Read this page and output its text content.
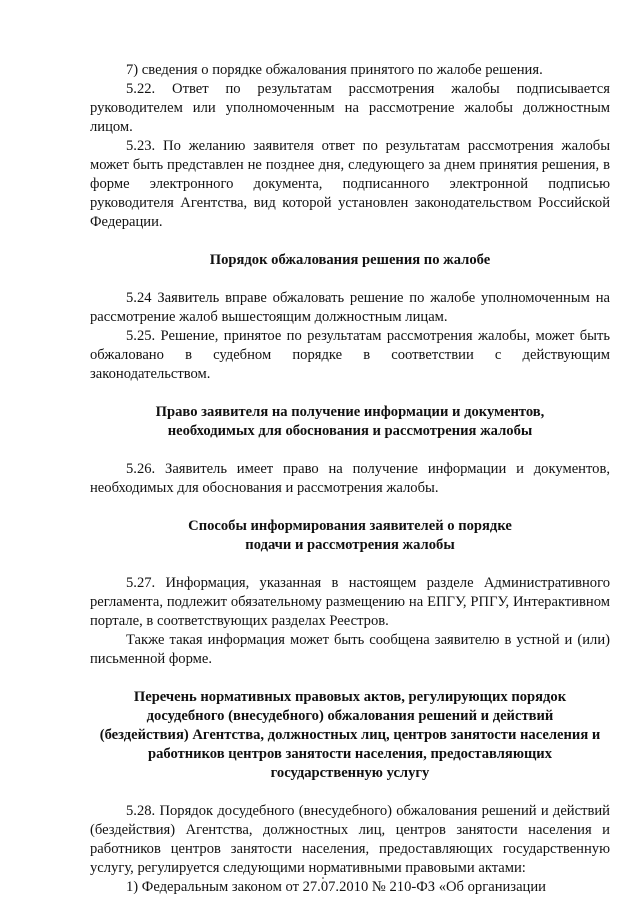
7) сведения о порядке обжалования принятого по жалобе решения.

5.22. Ответ по результатам рассмотрения жалобы подписывается руководителем или уполномоченным на рассмотрение жалобы должностным лицом.

5.23. По желанию заявителя ответ по результатам рассмотрения жалобы может быть представлен не позднее дня, следующего за днем принятия решения, в форме электронного документа, подписанного электронной подписью руководителя Агентства, вид которой установлен законодательством Российской Федерации.

Порядок обжалования решения по жалобе

5.24 Заявитель вправе обжаловать решение по жалобе уполномоченным на рассмотрение жалоб вышестоящим должностным лицам.

5.25. Решение, принятое по результатам рассмотрения жалобы, может быть обжаловано в судебном порядке в соответствии с действующим законодательством.

Право заявителя на получение информации и документов,
необходимых для обоснования и рассмотрения жалобы

5.26. Заявитель имеет право на получение информации и документов, необходимых для обоснования и рассмотрения жалобы.

Способы информирования заявителей о порядке
подачи и рассмотрения жалобы

5.27. Информация, указанная в настоящем разделе Административного регламента, подлежит обязательному размещению на ЕПГУ, РПГУ, Интерактивном портале, в соответствующих разделах Реестров.

Также такая информация может быть сообщена заявителю в устной и (или) письменной форме.

Перечень нормативных правовых актов, регулирующих порядок
досудебного (внесудебного) обжалования решений и действий
(бездействия) Агентства, должностных лиц, центров занятости населения и
работников центров занятости населения, предоставляющих
государственную услугу

5.28. Порядок досудебного (внесудебного) обжалования решений и действий (бездействия) Агентства, должностных лиц, центров занятости населения и работников центров занятости населения, предоставляющих государственную услугу, регулируется следующими нормативными правовыми актами:

1) Федеральным законом от 27.07.2010 № 210-ФЗ «Об организации
